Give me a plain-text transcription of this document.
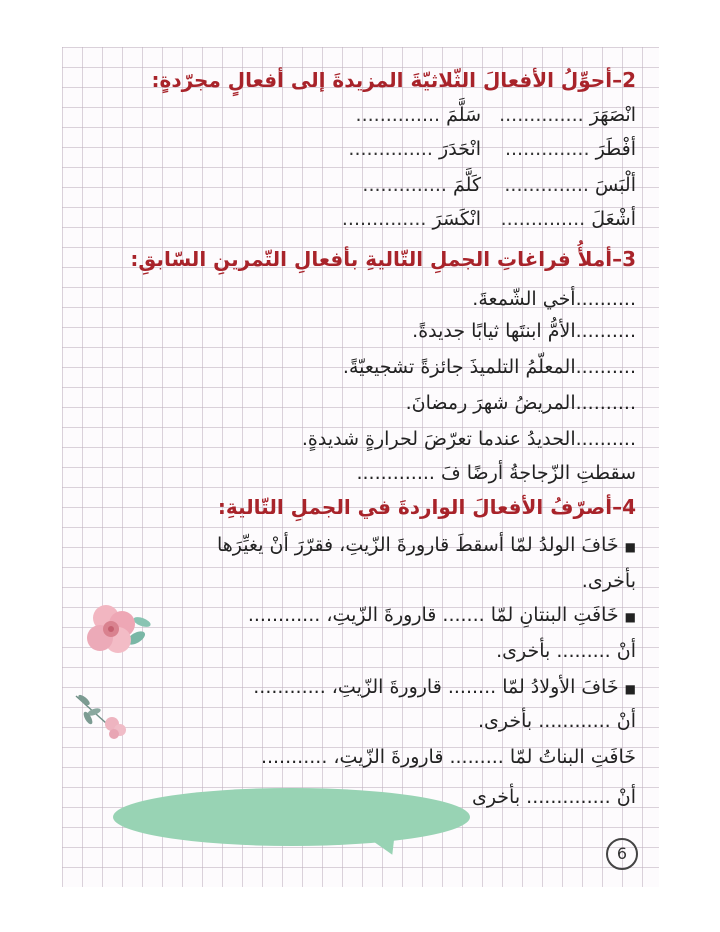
2–أحوِّلُ الأفعالَ الثّلاثيّةَ المزيدةَ إلى أفعالٍ مجرّدةٍ:
انْصَهَرَ ..............
سَلَّمَ ..............
أفْطَرَ ..............
انْحَدَرَ ..............
ألْبَسَ ..............
كَلَّمَ ..............
أشْعَلَ ..............
انْكَسَرَ ..............
3–أملأُ فراغاتِ الجملِ التّاليةِ بأفعالِ التّمرينِ السّابقِ:
..........أخي الشّمعةَ.
..........الأمُّ ابنتَها ثيابًا جديدةً.
..........المعلّمُ التلميذَ جائزةً تشجيعيّةً.
..........المريضُ شهرَ رمضانَ.
..........الحديدُ عندما تعرّضَ لحرارةٍ شديدةٍ.
سقطتِ الزّجاجةُ أرضًا فَ .............
4–أصرّفُ الأفعالَ الواردةَ في الجملِ التّاليةِ:
■خَافَ الولدُ لمّا أسقطَ قارورةَ الزّيتِ، فقرّرَ أنْ يغيِّرَها
بأخرى.
■خَافَتِ البنتانِ لمّا ....... قارورةَ الزّيتِ، ............
أنْ ......... بأخرى.
■خَافَ الأولادُ لمّا ........ قارورةَ الزّيتِ، ............
أنْ ............ بأخرى.
خَافَتِ البناتُ لمّا ......... قارورةَ الزّيتِ، ...........
أنْ .............. بأخرى
6
